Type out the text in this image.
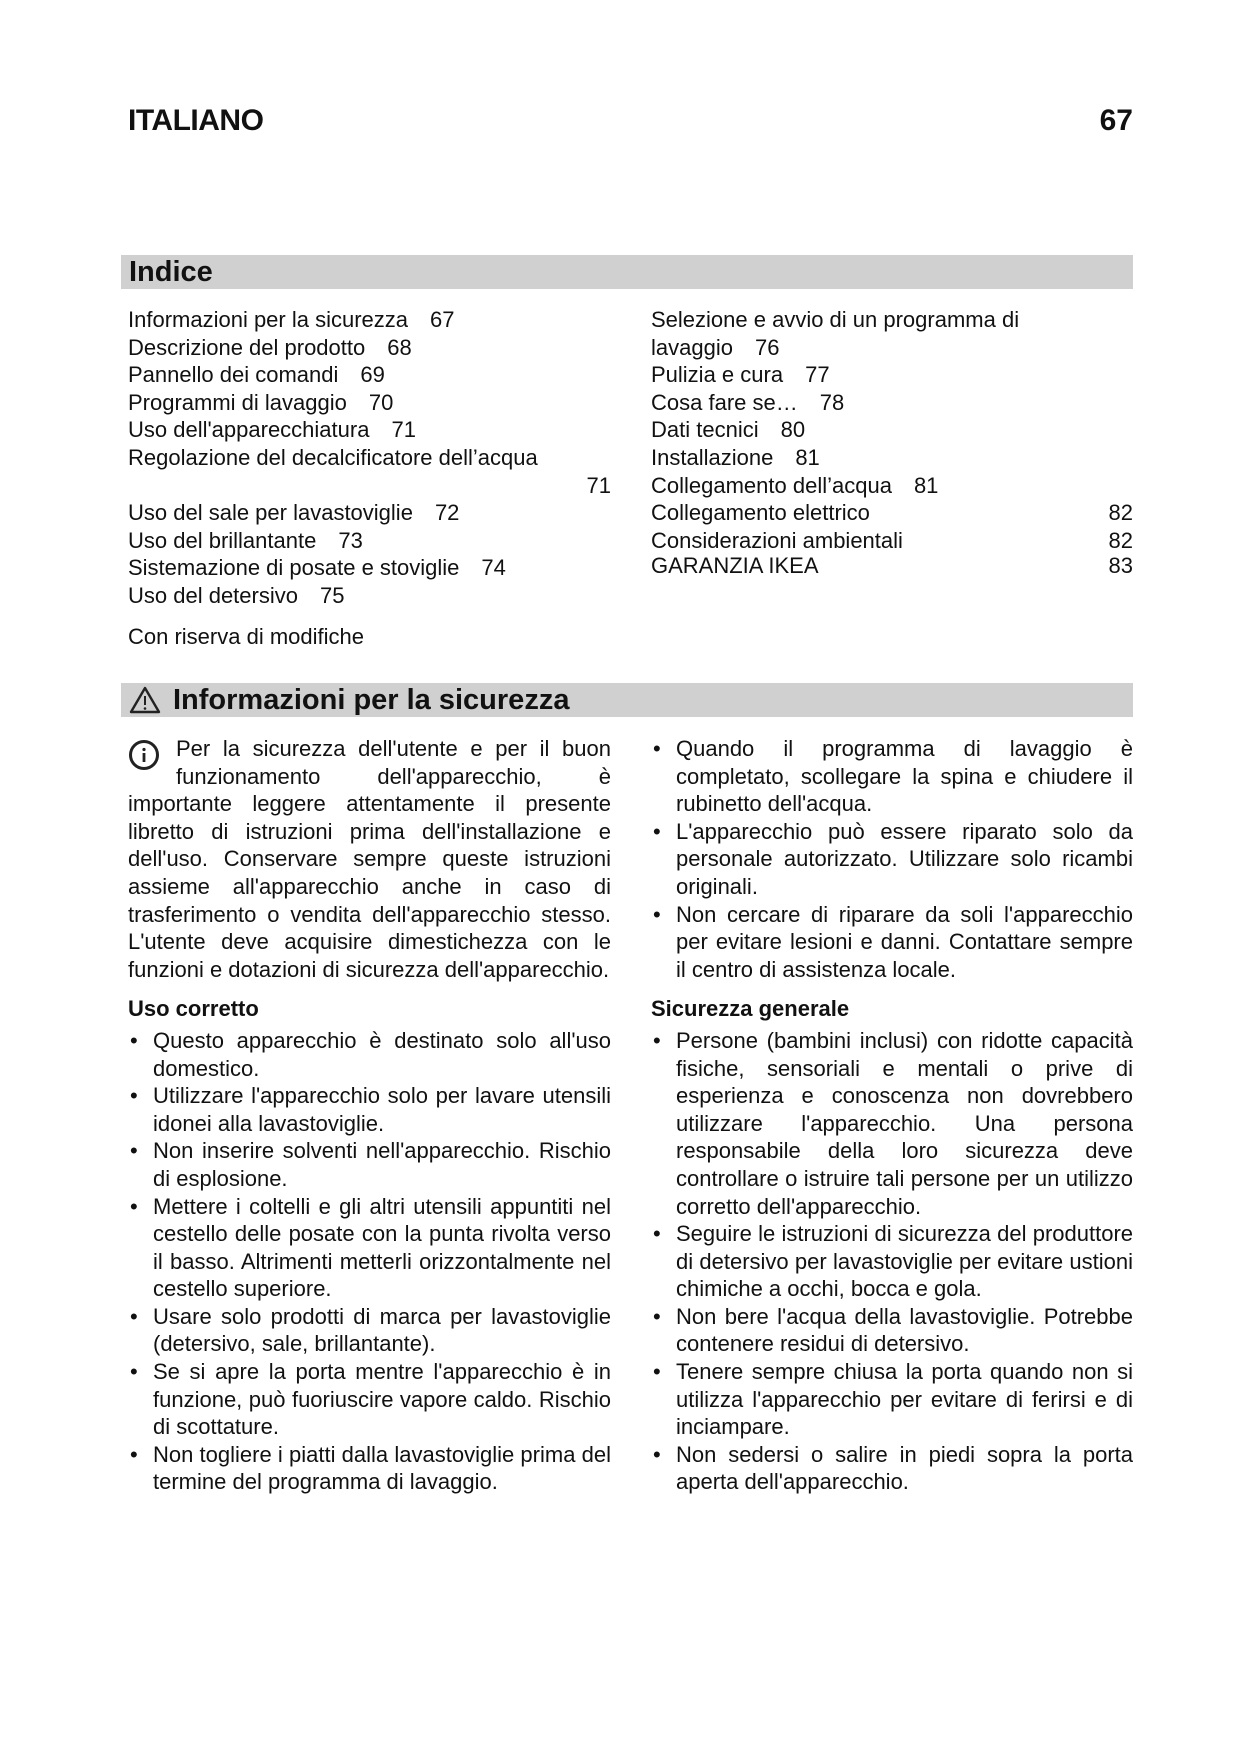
ITALIANO	67
Indice
Informazioni per la sicurezza 67
Descrizione del prodotto 68
Pannello dei comandi 69
Programmi di lavaggio 70
Uso dell'apparecchiatura 71
Regolazione del decalcificatore dell’acqua
71
Uso del sale per lavastoviglie 72
Uso del brillantante 73
Sistemazione di posate e stoviglie 74
Uso del detersivo 75
Selezione e avvio di un programma di
lavaggio 76
Pulizia e cura 77
Cosa fare se… 78
Dati tecnici 80
Installazione 81
Collegamento dell’acqua 81
Collegamento elettrico	82
Considerazioni ambientali	82
GARANZIA IKEA	83
Con riserva di modifiche
Informazioni per la sicurezza
Per la sicurezza dell'utente e per il buon funzionamento dell'apparecchio, è importante leggere attentamente il presente libretto di istruzioni prima dell'installazione e dell'uso. Conservare sempre queste istruzioni assieme all'apparecchio anche in caso di trasferimento o vendita dell'apparecchio stesso. L'utente deve acquisire dimestichezza con le funzioni e dotazioni di sicurezza dell'apparecchio.
Uso corretto
• Questo apparecchio è destinato solo all'uso domestico.
• Utilizzare l'apparecchio solo per lavare utensili idonei alla lavastoviglie.
• Non inserire solventi nell'apparecchio. Rischio di esplosione.
• Mettere i coltelli e gli altri utensili appuntiti nel cestello delle posate con la punta rivolta verso il basso. Altrimenti metterli orizzontalmente nel cestello superiore.
• Usare solo prodotti di marca per lavastoviglie (detersivo, sale, brillantante).
• Se si apre la porta mentre l'apparecchio è in funzione, può fuoriuscire vapore caldo. Rischio di scottature.
• Non togliere i piatti dalla lavastoviglie prima del termine del programma di lavaggio.
• Quando il programma di lavaggio è completato, scollegare la spina e chiudere il rubinetto dell'acqua.
• L'apparecchio può essere riparato solo da personale autorizzato. Utilizzare solo ricambi originali.
• Non cercare di riparare da soli l'apparecchio per evitare lesioni e danni. Contattare sempre il centro di assistenza locale.
Sicurezza generale
• Persone (bambini inclusi) con ridotte capacità fisiche, sensoriali e mentali o prive di esperienza e conoscenza non dovrebbero utilizzare l'apparecchio. Una persona responsabile della loro sicurezza deve controllare o istruire tali persone per un utilizzo corretto dell'apparecchio.
• Seguire le istruzioni di sicurezza del produttore di detersivo per lavastoviglie per evitare ustioni chimiche a occhi, bocca e gola.
• Non bere l'acqua della lavastoviglie. Potrebbe contenere residui di detersivo.
• Tenere sempre chiusa la porta quando non si utilizza l'apparecchio per evitare di ferirsi e di inciampare.
• Non sedersi o salire in piedi sopra la porta aperta dell'apparecchio.
